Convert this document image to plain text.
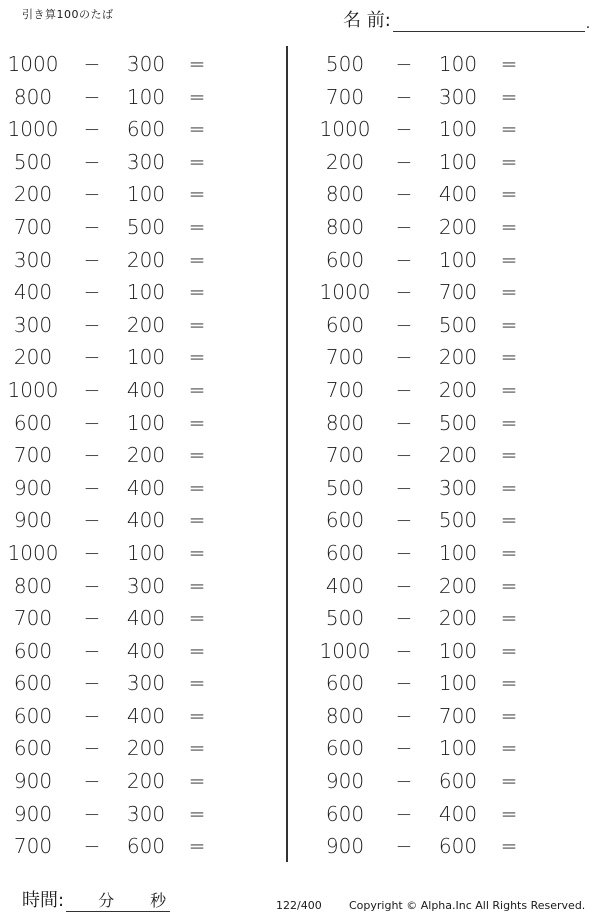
引き算100のたば	名 前:	.
1000 −	300	=
800	−	100	=
1000 −	600	=
500	−	300	=
200	−	100	=
700	−	500	=
300	−	200	=
400	−	100	=
300	−	200	=
200	−	100	=
1000 −	400	=
600	−	100	=
700	−	200	=
900	−	400	=
900	−	400	=
1000 −	100	=
800	−	300	=
700	−	400	=
600	−	400	=
600	−	300	=
600	−	400	=
600	−	200	=
900	−	200	=
900	−	300	=
700	−	600	=
500	−	100	=
700	−	300	=
1000 −	100	=
200	−	100	=
800	−	400	=
800	−	200	=
600	−	100	=
1000 −	700	=
600	−	500	=
700	−	200	=
700	−	200	=
800	−	500	=
700	−	200	=
500	−	300	=
600	−	500	=
600	−	100	=
400	−	200	=
500	−	200	=
1000 −	100	=
600	−	100	=
800	−	700	=
600	−	100	=
900	−	600	=
600	−	400	=
900	−	600	=
時間: 分 秒	122/400 Copyright © Alpha.Inc All Rights Reserved.
